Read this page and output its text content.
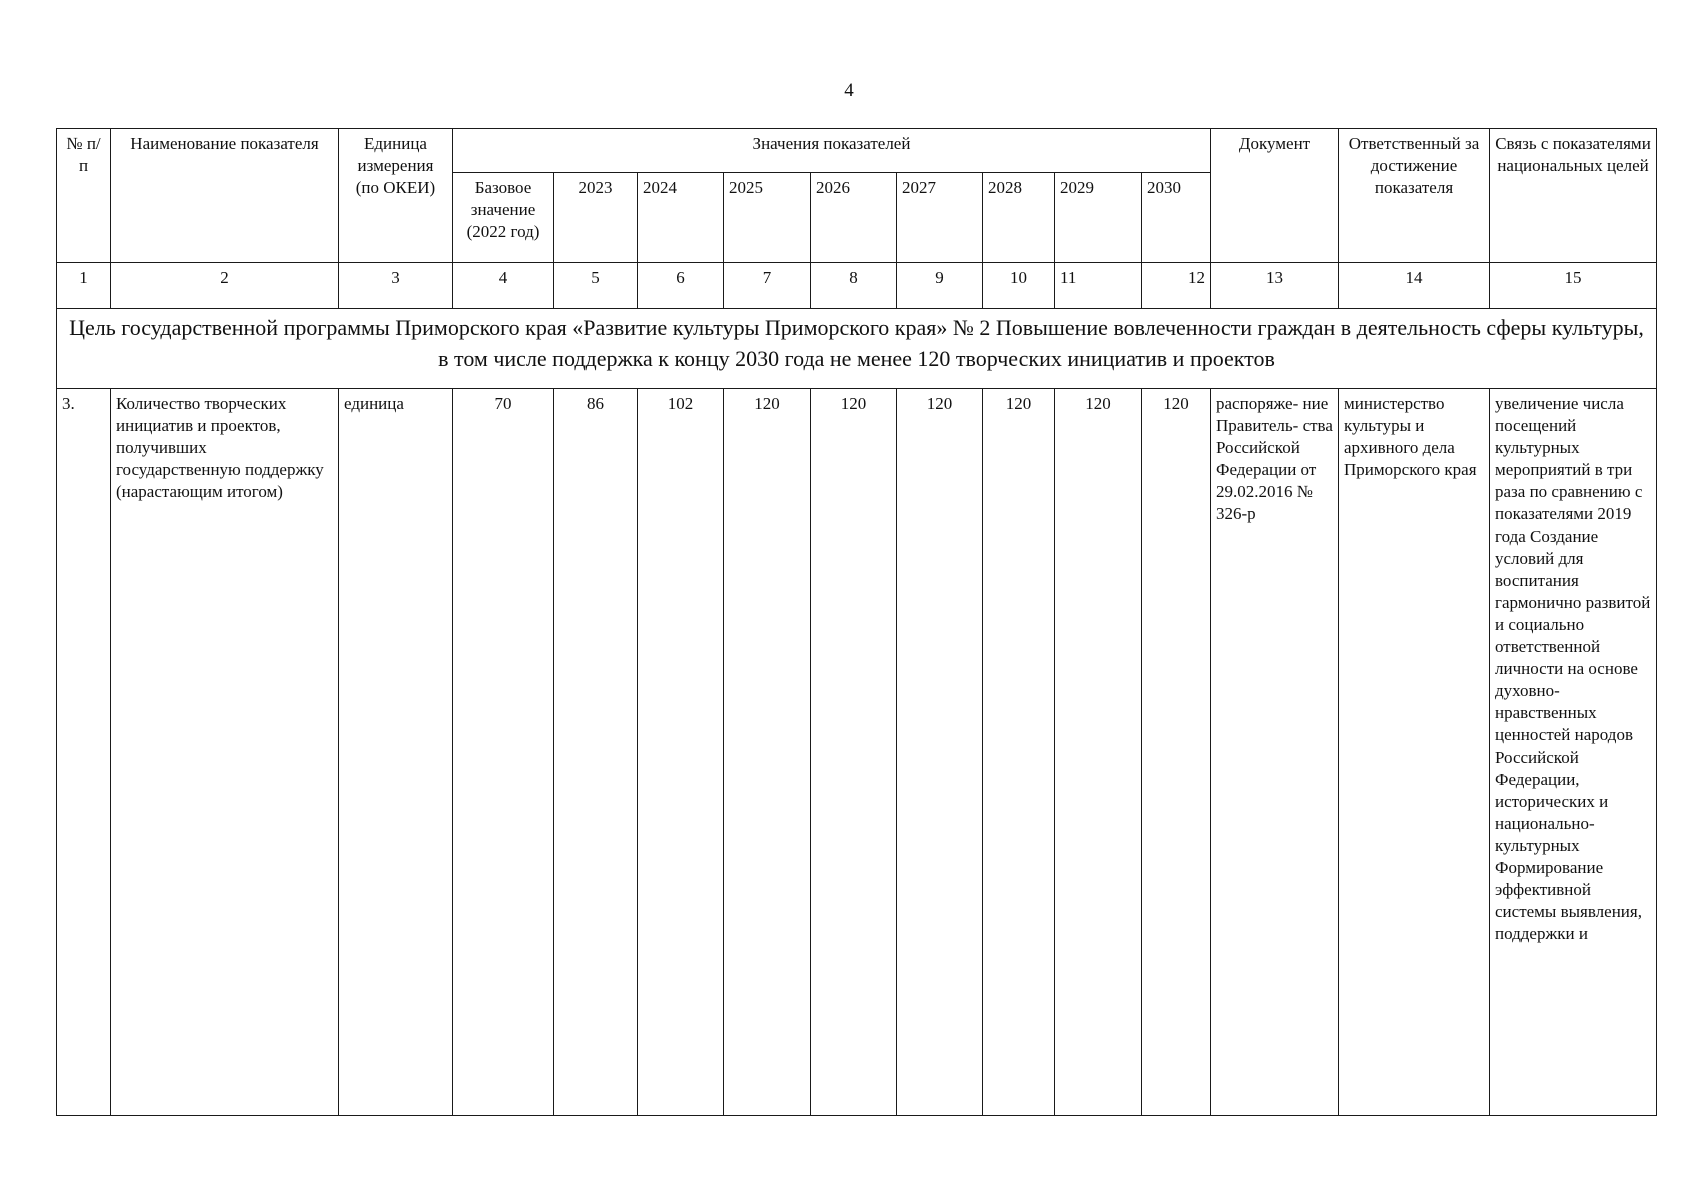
4
№ п/п	Наименование показателя	Единица измерения (по ОКЕИ)	Значения показателей									Документ	Ответственный за достижение показателя	Связь с показателями национальных целей
			Базовое значение (2022 год)	2023	2024	2025	2026	2027	2028	2029	2030			
1	2	3	4	5	6	7	8	9	10	11	12	13	14	15
Цель государственной программы Приморского края «Развитие культуры Приморского края» № 2 Повышение вовлеченности граждан в деятельность сферы культуры, в том числе поддержка к концу 2030 года не менее 120 творческих инициатив и проектов														
3.	Количество творческих инициатив и проектов, получивших государственную поддержку (нарастающим итогом)	единица	70	86	102	120	120	120	120	120	120	распоряже- ние Правитель- ства Российской Федерации от 29.02.2016 № 326-р	министерство культуры и архивного дела Приморского края	увеличение числа посещений культурных мероприятий в три раза по сравнению с показателями 2019 года Создание условий для воспитания гармонично развитой и социально ответственной личности на основе духовно- нравственных ценностей народов Российской Федерации, исторических и национально- культурных Формирование эффективной системы выявления, поддержки и
